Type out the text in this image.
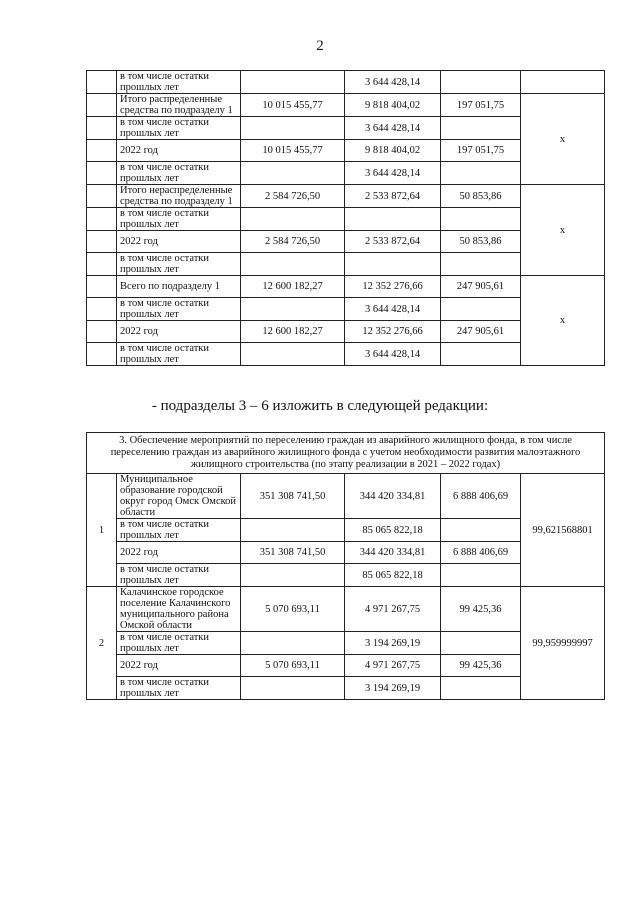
2
	в том числе остатки прошлых лет		3 644 428,14		
	Итого распределенные средства по подразделу 1	10 015 455,77	9 818 404,02	197 051,75	х
	в том числе остатки прошлых лет		3 644 428,14		
	2022 год	10 015 455,77	9 818 404,02	197 051,75	
	в том числе остатки прошлых лет		3 644 428,14		
	Итого нераспределенные средства по подразделу 1	2 584 726,50	2 533 872,64	50 853,86	х
	в том числе остатки прошлых лет				
	2022 год	2 584 726,50	2 533 872,64	50 853,86	
	в том числе остатки прошлых лет				
	Всего по подразделу 1	12 600 182,27	12 352 276,66	247 905,61	х
	в том числе остатки прошлых лет		3 644 428,14		
	2022 год	12 600 182,27	12 352 276,66	247 905,61	
	в том числе остатки прошлых лет		3 644 428,14		
- подразделы 3 – 6 изложить в следующей редакции:
3. Обеспечение мероприятий по переселению граждан из аварийного жилищного фонда, в том числе переселению граждан из аварийного жилищного фонда с учетом необходимости развития малоэтажного жилищного строительства (по этапу реализации в 2021 – 2022 годах)					
1	Муниципальное образование городской округ город Омск Омской области	351 308 741,50	344 420 334,81	6 888 406,69	99,621568801
	в том числе остатки прошлых лет		85 065 822,18		
	2022 год	351 308 741,50	344 420 334,81	6 888 406,69	
	в том числе остатки прошлых лет		85 065 822,18		
2	Калачинское городское поселение Калачинского муниципального района Омской области	5 070 693,11	4 971 267,75	99 425,36	99,959999997
	в том числе остатки прошлых лет		3 194 269,19		
	2022 год	5 070 693,11	4 971 267,75	99 425,36	
	в том числе остатки прошлых лет		3 194 269,19		
